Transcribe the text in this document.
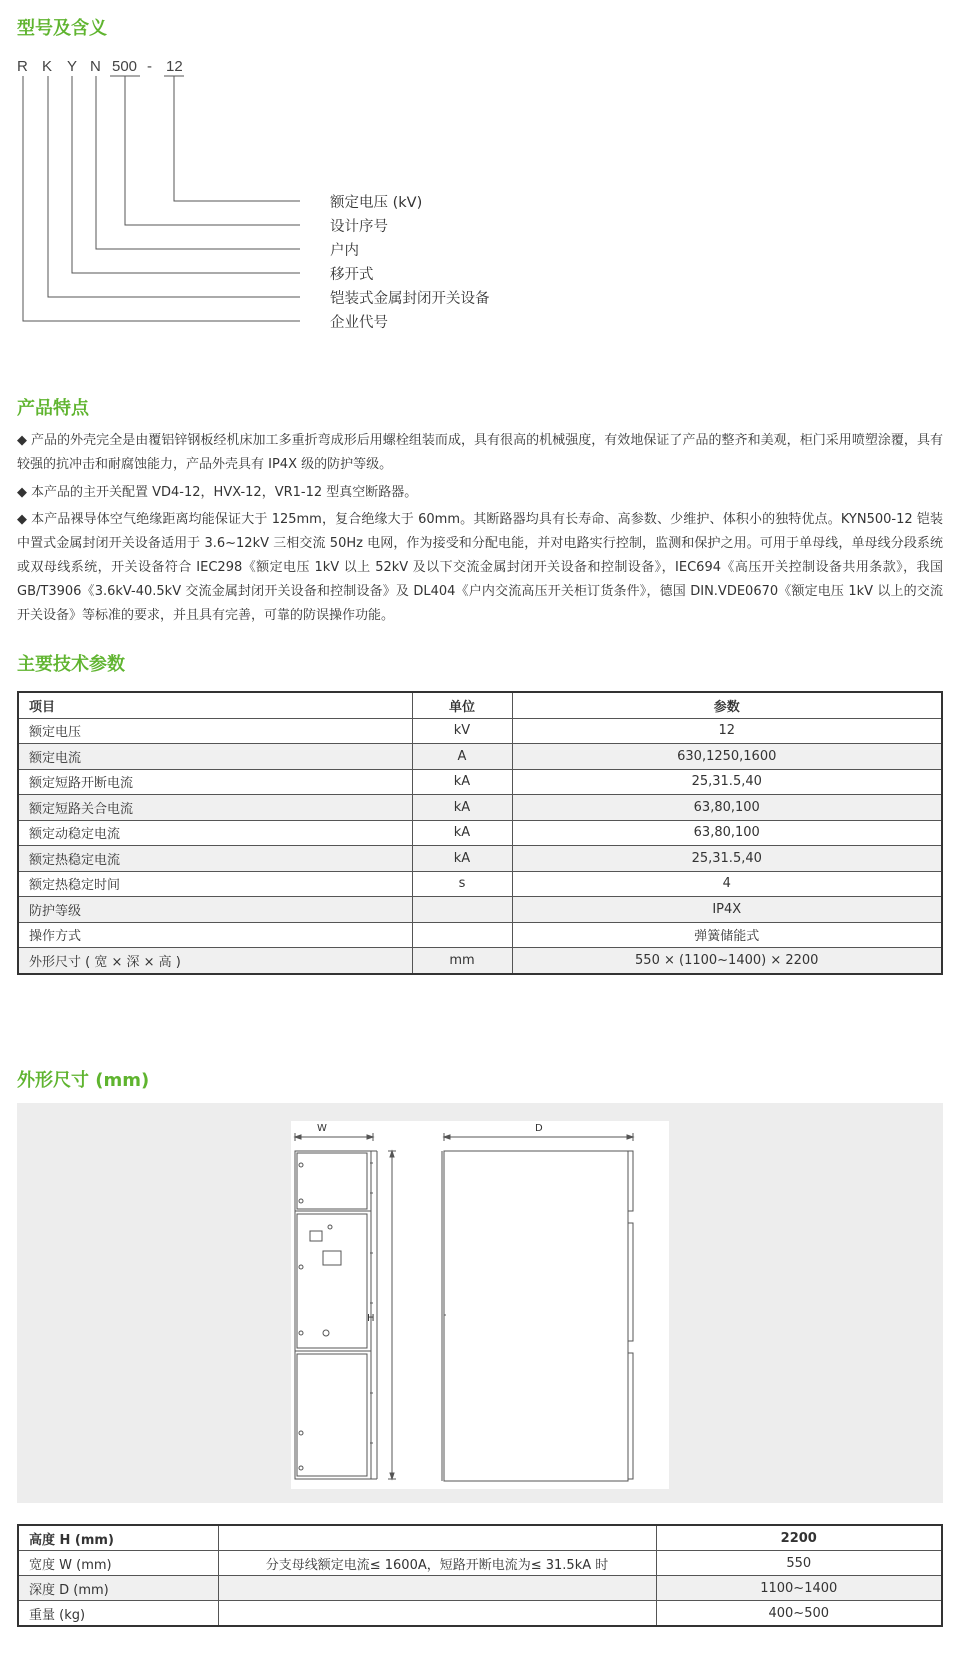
型号及含义
R K Y N 500 - 12
额定电压 (kV)
设计序号
户内
移开式
铠装式金属封闭开关设备
企业代号
产品特点
◆ 产品的外壳完全是由覆铝锌钢板经机床加工多重折弯成形后用螺栓组装而成，具有很高的机械强度，有效地保证了产品的整齐和美观，柜门采用喷塑涂覆，具有较强的抗冲击和耐腐蚀能力，产品外壳具有 IP4X 级的防护等级。
◆ 本产品的主开关配置 VD4-12，HVX-12，VR1-12 型真空断路器。
◆ 本产品裸导体空气绝缘距离均能保证大于 125mm，复合绝缘大于 60mm。其断路器均具有长寿命、高参数、少维护、体积小的独特优点。KYN500-12 铠装中置式金属封闭开关设备适用于 3.6~12kV 三相交流 50Hz 电网，作为接受和分配电能，并对电路实行控制，监测和保护之用。可用于单母线，单母线分段系统或双母线系统，开关设备符合 IEC298《额定电压 1kV 以上 52kV 及以下交流金属封闭开关设备和控制设备》，IEC694《高压开关控制设备共用条款》，我国 GB/T3906《3.6kV-40.5kV 交流金属封闭开关设备和控制设备》及 DL404《户内交流高压开关柜订货条件》，德国 DIN.VDE0670《额定电压 1kV 以上的交流开关设备》等标准的要求，并且具有完善，可靠的防误操作功能。
主要技术参数
项目	单位	参数
额定电压	kV	12
额定电流	A	630,1250,1600
额定短路开断电流	kA	25,31.5,40
额定短路关合电流	kA	63,80,100
额定动稳定电流	kA	63,80,100
额定热稳定电流	kA	25,31.5,40
额定热稳定时间	s	4
防护等级		IP4X
操作方式		弹簧储能式
外形尺寸 ( 宽 × 深 × 高 )	mm	550 × (1100~1400) × 2200
外形尺寸 (mm)
W	D
H
高度 H (mm)		2200
宽度 W (mm)	分支母线额定电流≤ 1600A，短路开断电流为≤ 31.5kA 时	550
深度 D (mm)		1100~1400
重量 (kg)		400~500
